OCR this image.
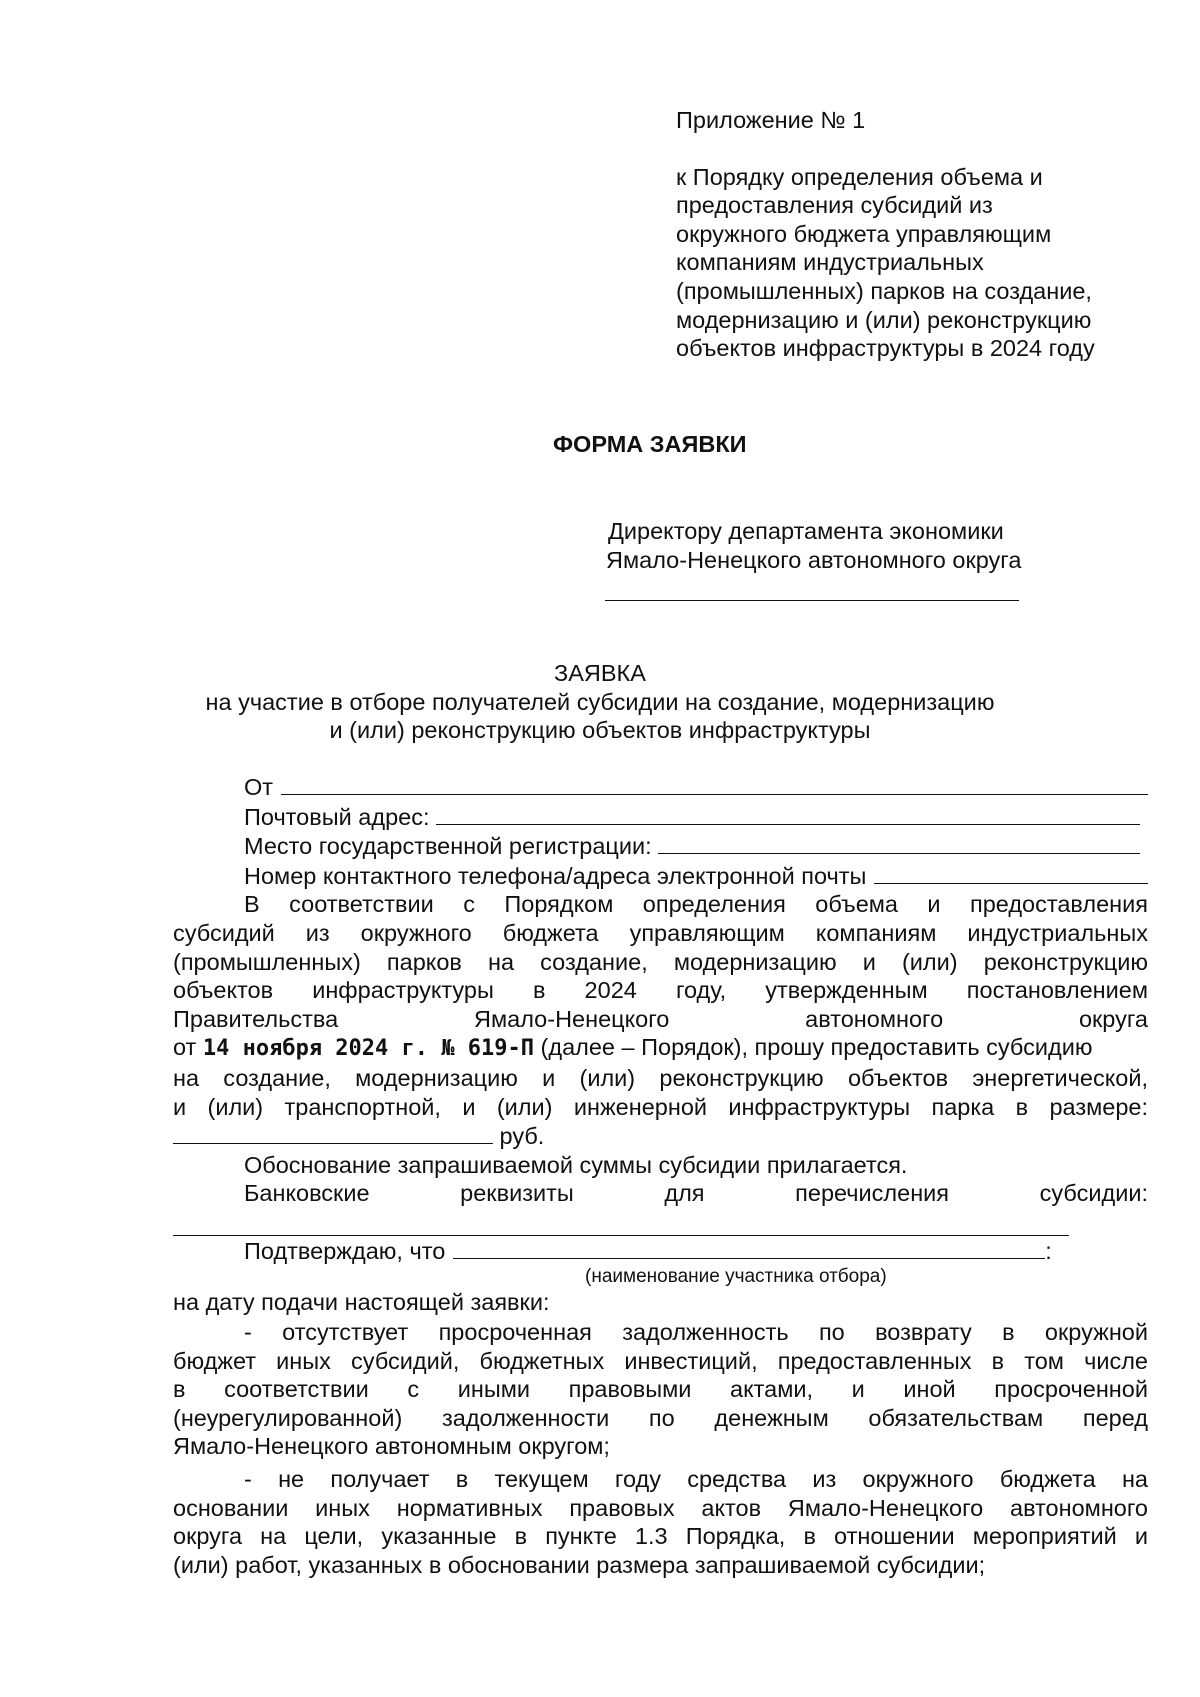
Приложение № 1
к Порядку определения объема и
предоставления субсидий из
окружного бюджета управляющим
компаниям индустриальных
(промышленных) парков на создание,
модернизацию и (или) реконструкцию
объектов инфраструктуры в 2024 году
ФОРМА ЗАЯВКИ
Директору департамента экономики
Ямало-Ненецкого автономного округа
ЗАЯВКА
на участие в отборе получателей субсидии на создание, модернизацию
и (или) реконструкцию объектов инфраструктуры
От
Почтовый адрес:
Место государственной регистрации:
Номер контактного телефона/адреса электронной почты
В соответствии с Порядком определения объема и предоставления
субсидий из окружного бюджета управляющим компаниям индустриальных
(промышленных) парков на создание, модернизацию и (или) реконструкцию
объектов инфраструктуры в 2024 году, утвержденным постановлением
Правительства Ямало-Ненецкого автономного округа
от 14 ноября 2024 г. № 619-П (далее – Порядок), прошу предоставить субсидию
на создание, модернизацию и (или) реконструкцию объектов энергетической,
и (или) транспортной, и (или) инженерной инфраструктуры парка в размере:
руб.
Обоснование запрашиваемой суммы субсидии прилагается.
Банковские реквизиты для перечисления субсидии:
Подтверждаю, что	:
(наименование участника отбора)
на дату подачи настоящей заявки:
- отсутствует просроченная задолженность по возврату в окружной
бюджет иных субсидий, бюджетных инвестиций, предоставленных в том числе
в соответствии с иными правовыми актами, и иной просроченной
(неурегулированной) задолженности по денежным обязательствам перед
Ямало-Ненецкого автономным округом;
- не получает в текущем году средства из окружного бюджета на
основании иных нормативных правовых актов Ямало-Ненецкого автономного
округа на цели, указанные в пункте 1.3 Порядка, в отношении мероприятий и
(или) работ, указанных в обосновании размера запрашиваемой субсидии;
